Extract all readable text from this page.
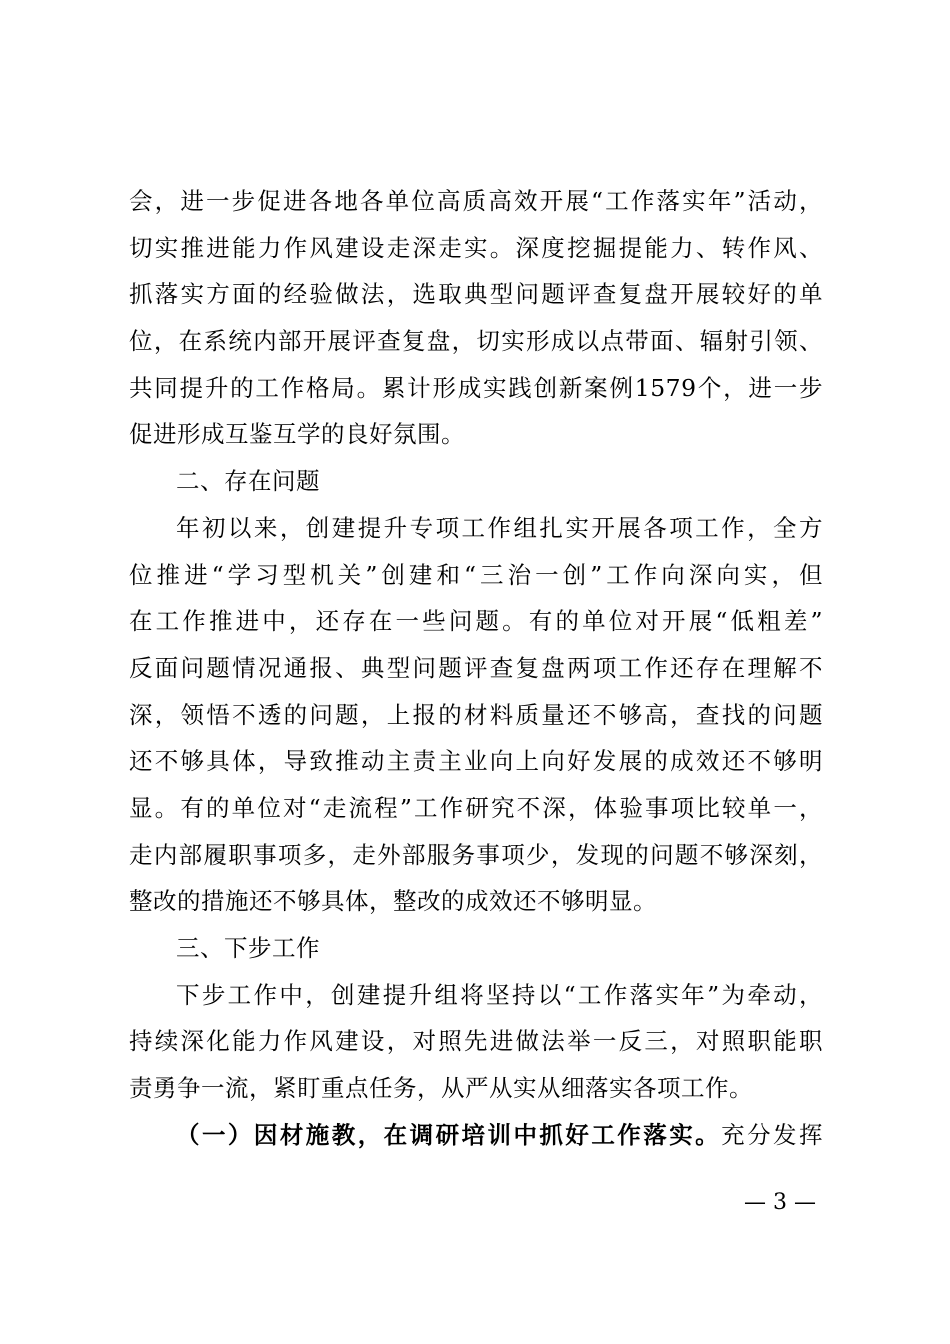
会，进一步促进各地各单位高质高效开展“工作落实年”活动，
切实推进能力作风建设走深走实。深度挖掘提能力、转作风、
抓落实方面的经验做法，选取典型问题评查复盘开展较好的单
位，在系统内部开展评查复盘，切实形成以点带面、辐射引领、
共同提升的工作格局。累计形成实践创新案例1579个，进一步
促进形成互鉴互学的良好氛围。
二、存在问题
年初以来，创建提升专项工作组扎实开展各项工作，全方
位推进“学习型机关”创建和“三治一创”工作向深向实，但
在工作推进中，还存在一些问题。有的单位对开展“低粗差”
反面问题情况通报、典型问题评查复盘两项工作还存在理解不
深，领悟不透的问题，上报的材料质量还不够高，查找的问题
还不够具体，导致推动主责主业向上向好发展的成效还不够明
显。有的单位对“走流程”工作研究不深，体验事项比较单一，
走内部履职事项多，走外部服务事项少，发现的问题不够深刻，
整改的措施还不够具体，整改的成效还不够明显。
三、下步工作
下步工作中，创建提升组将坚持以“工作落实年”为牵动，
持续深化能力作风建设，对照先进做法举一反三，对照职能职
责勇争一流，紧盯重点任务，从严从实从细落实各项工作。
（一）因材施教，在调研培训中抓好工作落实。充分发挥
— 3 —
